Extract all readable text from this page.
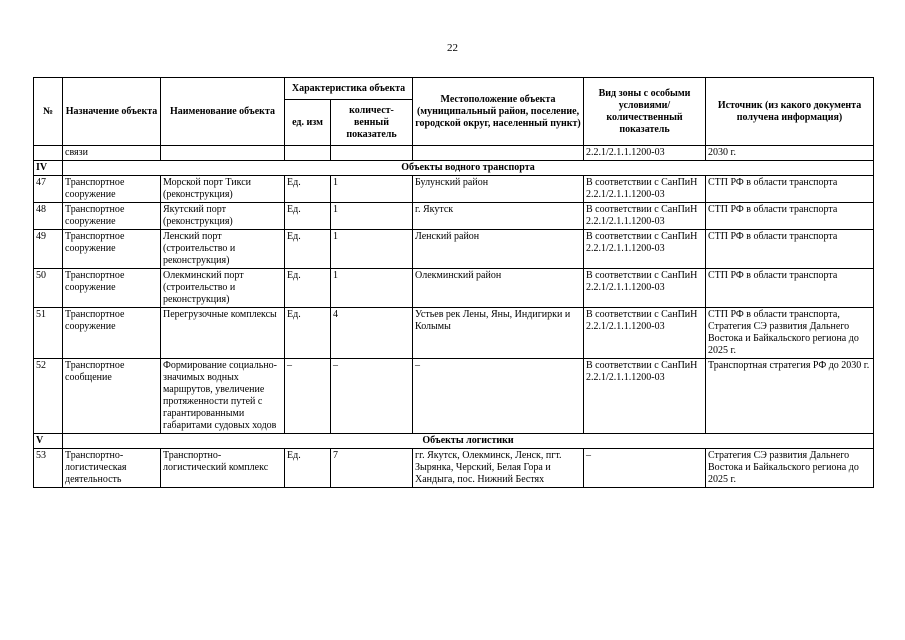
22
№	Назначение объекта	Наименование объекта	Характеристика объекта		Местоположение объекта (муниципальный район, поселение, городской округ, населенный пункт)	Вид зоны с особыми условиями/ количественный показатель	Источник (из какого документа получена информация)
			ед. изм	количест-венный показатель			
	связи					2.2.1/2.1.1.1200-03	2030 г.
IV	Объекты водного транспорта						
47	Транспортное сооружение	Морской порт Тикси (реконструкция)	Ед.	1	Булунский район	В соответствии с СанПиН 2.2.1/2.1.1.1200-03	СТП РФ в области транспорта
48	Транспортное сооружение	Якутский порт (реконструкция)	Ед.	1	г. Якутск	В соответствии с СанПиН 2.2.1/2.1.1.1200-03	СТП РФ в области транспорта
49	Транспортное сооружение	Ленский порт (строительство и реконструкция)	Ед.	1	Ленский район	В соответствии с СанПиН 2.2.1/2.1.1.1200-03	СТП РФ в области транспорта
50	Транспортное сооружение	Олекминский порт (строительство и реконструкция)	Ед.	1	Олекминский район	В соответствии с СанПиН 2.2.1/2.1.1.1200-03	СТП РФ в области транспорта
51	Транспортное сооружение	Перегрузочные комплексы	Ед.	4	Устьев рек Лены, Яны, Индигирки и Колымы	В соответствии с СанПиН 2.2.1/2.1.1.1200-03	СТП РФ в области транспорта, Стратегия СЭ развития Дальнего Востока и Байкальского региона до 2025 г.
52	Транспортное сообщение	Формирование социально-значимых водных маршрутов, увеличение протяженности путей с гарантированными габаритами судовых ходов	–	–	–	В соответствии с СанПиН 2.2.1/2.1.1.1200-03	Транспортная стратегия РФ до 2030 г.
V	Объекты логистики						
53	Транспортно-логистическая деятельность	Транспортно-логистический комплекс	Ед.	7	гг. Якутск, Олекминск, Ленск, пгт. Зырянка, Черский, Белая Гора и Хандыга, пос. Нижний Бестях	–	Стратегия СЭ развития Дальнего Востока и Байкальского региона до 2025 г.
